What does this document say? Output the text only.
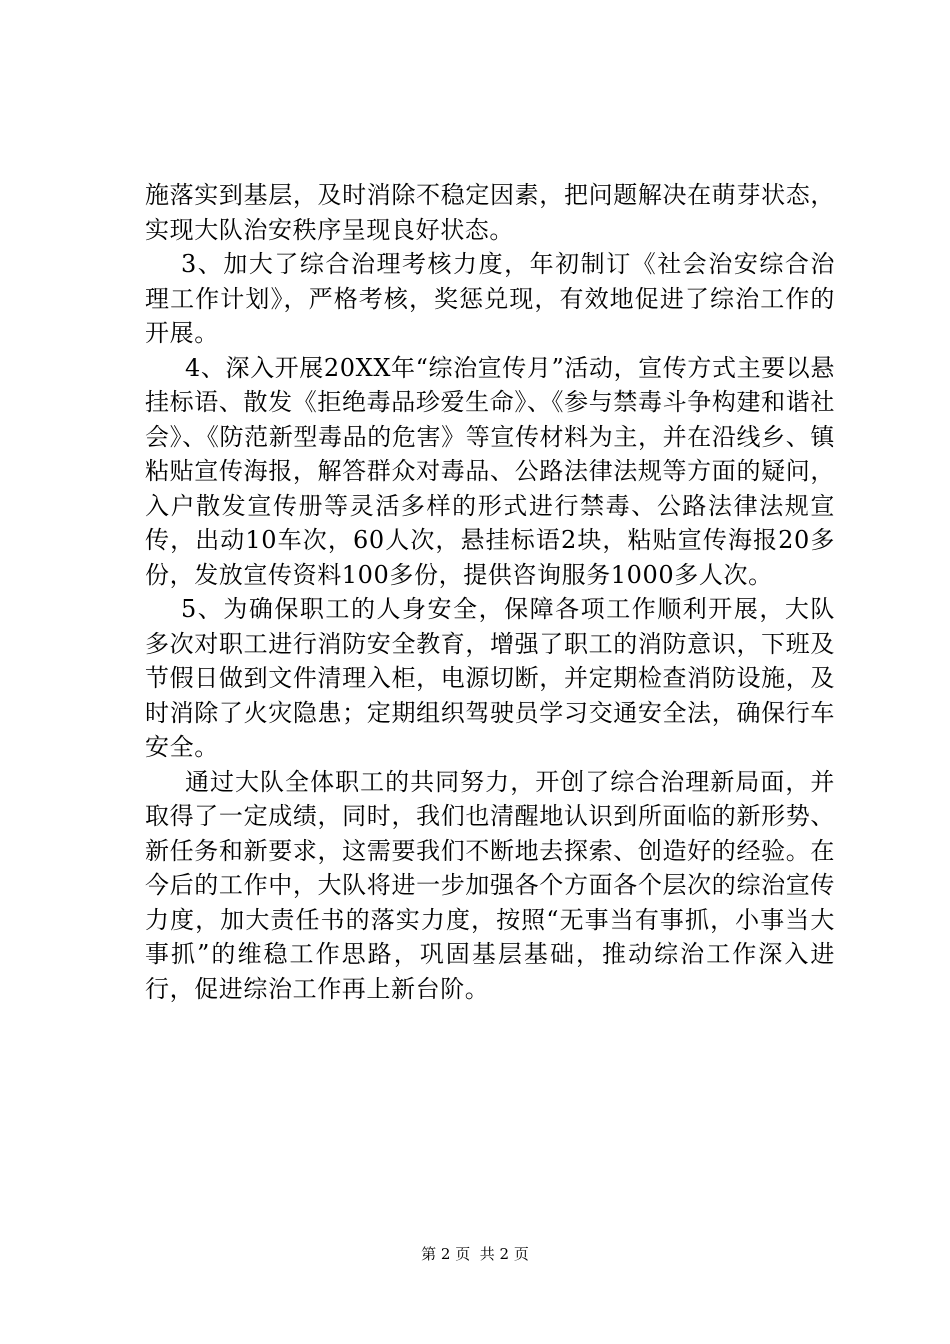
施落实到基层，及时消除不稳定因素，把问题解决在萌芽状态，实现大队治安秩序呈现良好状态。

3、加大了综合治理考核力度，年初制订《社会治安综合治理工作计划》，严格考核，奖惩兑现，有效地促进了综治工作的开展。

4、深入开展20XX年“综治宣传月”活动，宣传方式主要以悬挂标语、散发《拒绝毒品珍爱生命》、《参与禁毒斗争构建和谐社会》、《防范新型毒品的危害》等宣传材料为主，并在沿线乡、镇粘贴宣传海报，解答群众对毒品、公路法律法规等方面的疑问，入户散发宣传册等灵活多样的形式进行禁毒、公路法律法规宣传，出动10车次，60人次，悬挂标语2块，粘贴宣传海报20多份，发放宣传资料100多份，提供咨询服务1000多人次。

5、为确保职工的人身安全，保障各项工作顺利开展，大队多次对职工进行消防安全教育，增强了职工的消防意识，下班及节假日做到文件清理入柜，电源切断，并定期检查消防设施，及时消除了火灾隐患；定期组织驾驶员学习交通安全法，确保行车安全。

通过大队全体职工的共同努力，开创了综合治理新局面，并取得了一定成绩，同时，我们也清醒地认识到所面临的新形势、新任务和新要求，这需要我们不断地去探索、创造好的经验。在今后的工作中，大队将进一步加强各个方面各个层次的综治宣传力度，加大责任书的落实力度，按照“无事当有事抓，小事当大事抓”的维稳工作思路，巩固基层基础，推动综治工作深入进行，促进综治工作再上新台阶。

第 2 页  共 2 页
